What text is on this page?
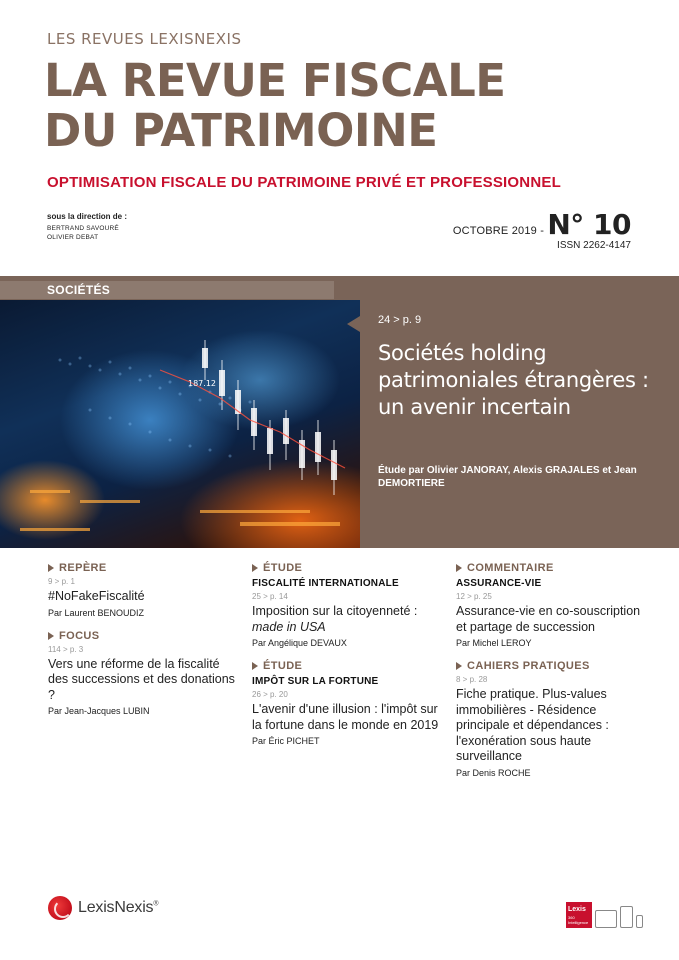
LES REVUES LEXISNEXIS
LA REVUE FISCALE
DU PATRIMOINE
OPTIMISATION FISCALE DU PATRIMOINE PRIVÉ ET PROFESSIONNEL
sous la direction de :
BERTRAND SAVOURÉ
OLIVIER DEBAT
OCTOBRE 2019 - N° 10
ISSN 2262-4147
SOCIÉTÉS
187.12
24 > p. 9
Sociétés holding patrimoniales étrangères : un avenir incertain
Étude par Olivier JANORAY, Alexis GRAJALES et Jean DEMORTIERE
REPÈRE
9 > p. 1
#NoFakeFiscalité
Par Laurent BENOUDIZ
FOCUS
114 > p. 3
Vers une réforme de la fiscalité des successions et des donations ?
Par Jean-Jacques LUBIN
ÉTUDE
FISCALITÉ INTERNATIONALE
25 > p. 14
Imposition sur la citoyenneté :
made in USA
Par Angélique DEVAUX
ÉTUDE
IMPÔT SUR LA FORTUNE
26 > p. 20
L'avenir d'une illusion : l'impôt sur la fortune dans le monde en 2019
Par Éric PICHET
COMMENTAIRE
ASSURANCE-VIE
12 > p. 25
Assurance-vie en co-souscription et partage de succession
Par Michel LEROY
CAHIERS PRATIQUES
8 > p. 28
Fiche pratique. Plus-values immobilières - Résidence principale et dépendances : l'exonération sous haute surveillance
Par Denis ROCHE
LexisNexis®
Lexis
360 Intelligence
